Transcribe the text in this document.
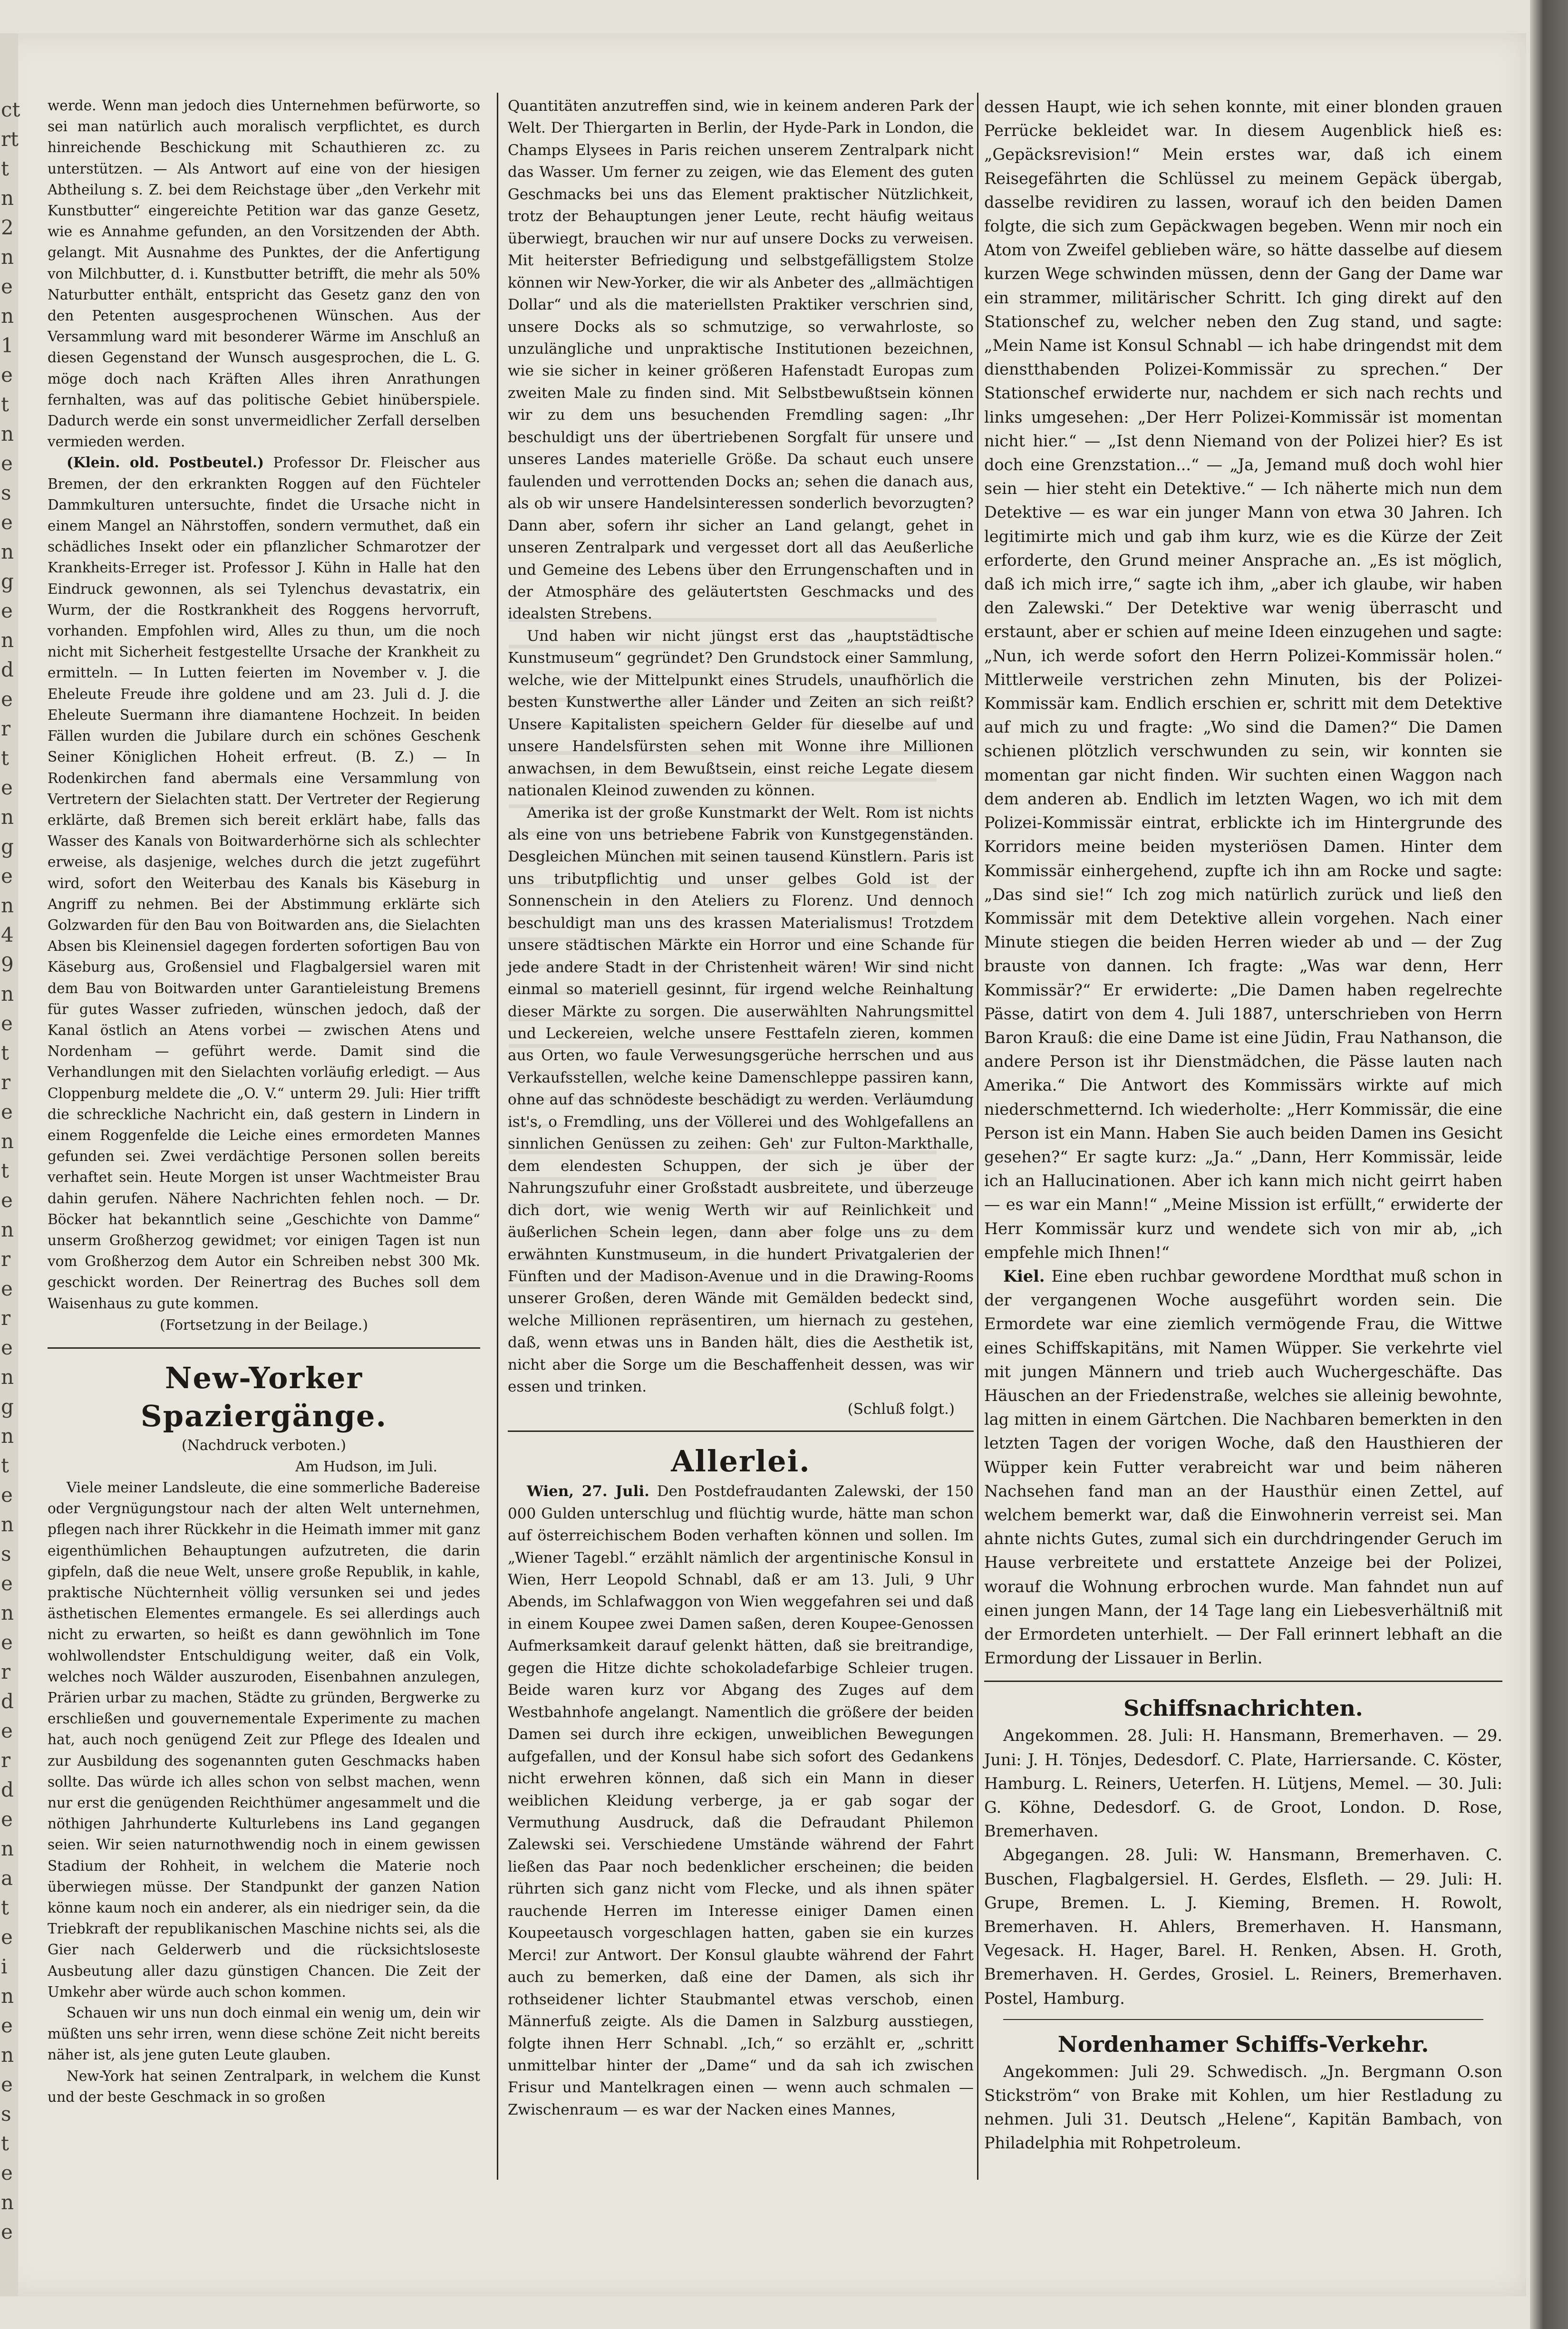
ct
rt
t
n
2
n
e
n
1
e
t
n
e
s
e
n
g
e
n
d
e
r
t
e
n
g
e
n
4
9
n
e
t
r
e
n
t
e
n
r
e
r
e
n
g
n
t
e
n
s
e
n
e
r
d
e
r
d
e
n
a
t
e
i
n
e
n
e
s
t
e
n
e

werde. Wenn man jedoch dies Unternehmen befürworte, so sei man natürlich auch moralisch verpflichtet, es durch hinreichende Beschickung mit Schauthieren zc. zu unterstützen. — Als Antwort auf eine von der hiesigen Abtheilung s. Z. bei dem Reichstage über „den Verkehr mit Kunstbutter“ eingereichte Petition war das ganze Gesetz, wie es Annahme gefunden, an den Vorsitzenden der Abth. gelangt. Mit Ausnahme des Punktes, der die Anfertigung von Milchbutter, d. i. Kunstbutter betrifft, die mehr als 50% Naturbutter enthält, entspricht das Gesetz ganz den von den Petenten ausgesprochenen Wünschen. Aus der Versammlung ward mit besonderer Wärme im Anschluß an diesen Gegenstand der Wunsch ausgesprochen, die L. G. möge doch nach Kräften Alles ihren Anrathungen fernhalten, was auf das politische Gebiet hinüberspiele. Dadurch werde ein sonst unvermeidlicher Zerfall derselben vermieden werden.

(Klein. old. Postbeutel.) Professor Dr. Fleischer aus Bremen, der den erkrankten Roggen auf den Füchteler Dammkulturen untersuchte, findet die Ursache nicht in einem Mangel an Nährstoffen, sondern vermuthet, daß ein schädliches Insekt oder ein pflanzlicher Schmarotzer der Krankheits-Erreger ist. Professor J. Kühn in Halle hat den Eindruck gewonnen, als sei Tylenchus devastatrix, ein Wurm, der die Rostkrankheit des Roggens hervorruft, vorhanden. Empfohlen wird, Alles zu thun, um die noch nicht mit Sicherheit festgestellte Ursache der Krankheit zu ermitteln. — In Lutten feierten im November v. J. die Eheleute Freude ihre goldene und am 23. Juli d. J. die Eheleute Suermann ihre diamantene Hochzeit. In beiden Fällen wurden die Jubilare durch ein schönes Geschenk Seiner Königlichen Hoheit erfreut. (B. Z.) — In Rodenkirchen fand abermals eine Versammlung von Vertretern der Sielachten statt. Der Vertreter der Regierung erklärte, daß Bremen sich bereit erklärt habe, falls das Wasser des Kanals von Boitwarderhörne sich als schlechter erweise, als dasjenige, welches durch die jetzt zugeführt wird, sofort den Weiterbau des Kanals bis Käseburg in Angriff zu nehmen. Bei der Abstimmung erklärte sich Golzwarden für den Bau von Boitwarden ans, die Sielachten Absen bis Kleinensiel dagegen forderten sofortigen Bau von Käseburg aus, Großensiel und Flagbalgersiel waren mit dem Bau von Boitwarden unter Garantieleistung Bremens für gutes Wasser zufrieden, wünschen jedoch, daß der Kanal östlich an Atens vorbei — zwischen Atens und Nordenham — geführt werde. Damit sind die Verhandlungen mit den Sielachten vorläufig erledigt. — Aus Cloppenburg meldete die „O. V.“ unterm 29. Juli: Hier trifft die schreckliche Nachricht ein, daß gestern in Lindern in einem Roggenfelde die Leiche eines ermordeten Mannes gefunden sei. Zwei verdächtige Personen sollen bereits verhaftet sein. Heute Morgen ist unser Wachtmeister Brau dahin gerufen. Nähere Nachrichten fehlen noch. — Dr. Böcker hat bekanntlich seine „Geschichte von Damme“ unserm Großherzog gewidmet; vor einigen Tagen ist nun vom Großherzog dem Autor ein Schreiben nebst 300 Mk. geschickt worden. Der Reinertrag des Buches soll dem Waisenhaus zu gute kommen.

(Fortsetzung in der Beilage.)
New-Yorker Spaziergänge.
(Nachdruck verboten.)
Am Hudson, im Juli.

Viele meiner Landsleute, die eine sommerliche Badereise oder Vergnügungstour nach der alten Welt unternehmen, pflegen nach ihrer Rückkehr in die Heimath immer mit ganz eigenthümlichen Behauptungen aufzutreten, die darin gipfeln, daß die neue Welt, unsere große Republik, in kahle, praktische Nüchternheit völlig versunken sei und jedes ästhetischen Elementes ermangele. Es sei allerdings auch nicht zu erwarten, so heißt es dann gewöhnlich im Tone wohlwollendster Entschuldigung weiter, daß ein Volk, welches noch Wälder auszuroden, Eisenbahnen anzulegen, Prärien urbar zu machen, Städte zu gründen, Bergwerke zu erschließen und gouvernementale Experimente zu machen hat, auch noch genügend Zeit zur Pflege des Idealen und zur Ausbildung des sogenannten guten Geschmacks haben sollte. Das würde ich alles schon von selbst machen, wenn nur erst die genügenden Reichthümer angesammelt und die nöthigen Jahrhunderte Kulturlebens ins Land gegangen seien. Wir seien naturnothwendig noch in einem gewissen Stadium der Rohheit, in welchem die Materie noch überwiegen müsse. Der Standpunkt der ganzen Nation könne kaum noch ein anderer, als ein niedriger sein, da die Triebkraft der republikanischen Maschine nichts sei, als die Gier nach Gelderwerb und die rücksichtsloseste Ausbeutung aller dazu günstigen Chancen. Die Zeit der Umkehr aber würde auch schon kommen.

Schauen wir uns nun doch einmal ein wenig um, dein wir müßten uns sehr irren, wenn diese schöne Zeit nicht bereits näher ist, als jene guten Leute glauben.

New-York hat seinen Zentralpark, in welchem die Kunst und der beste Geschmack in so großen

Quantitäten anzutreffen sind, wie in keinem anderen Park der Welt. Der Thiergarten in Berlin, der Hyde-Park in London, die Champs Elysees in Paris reichen unserem Zentralpark nicht das Wasser. Um ferner zu zeigen, wie das Element des guten Geschmacks bei uns das Element praktischer Nützlichkeit, trotz der Behauptungen jener Leute, recht häufig weitaus überwiegt, brauchen wir nur auf unsere Docks zu verweisen. Mit heiterster Befriedigung und selbstgefälligstem Stolze können wir New-Yorker, die wir als Anbeter des „allmächtigen Dollar“ und als die materiellsten Praktiker verschrien sind, unsere Docks als so schmutzige, so verwahrloste, so unzulängliche und unpraktische Institutionen bezeichnen, wie sie sicher in keiner größeren Hafenstadt Europas zum zweiten Male zu finden sind. Mit Selbstbewußtsein können wir zu dem uns besuchenden Fremdling sagen: „Ihr beschuldigt uns der übertriebenen Sorgfalt für unsere und unseres Landes materielle Größe. Da schaut euch unsere faulenden und verrottenden Docks an; sehen die danach aus, als ob wir unsere Handelsinteressen sonderlich bevorzugten? Dann aber, sofern ihr sicher an Land gelangt, gehet in unseren Zentralpark und vergesset dort all das Aeußerliche und Gemeine des Lebens über den Errungenschaften und in der Atmosphäre des geläutertsten Geschmacks und des idealsten Strebens.

Und haben wir nicht jüngst erst das „hauptstädtische Kunstmuseum“ gegründet? Den Grundstock einer Sammlung, welche, wie der Mittelpunkt eines Strudels, unaufhörlich die besten Kunstwerthe aller Länder und Zeiten an sich reißt? Unsere Kapitalisten speichern Gelder für dieselbe auf und unsere Handelsfürsten sehen mit Wonne ihre Millionen anwachsen, in dem Bewußtsein, einst reiche Legate diesem nationalen Kleinod zuwenden zu können.

Amerika ist der große Kunstmarkt der Welt. Rom ist nichts als eine von uns betriebene Fabrik von Kunstgegenständen. Desgleichen München mit seinen tausend Künstlern. Paris ist uns tributpflichtig und unser gelbes Gold ist der Sonnenschein in den Ateliers zu Florenz. Und dennoch beschuldigt man uns des krassen Materialismus! Trotzdem unsere städtischen Märkte ein Horror und eine Schande für jede andere Stadt in der Christenheit wären! Wir sind nicht einmal so materiell gesinnt, für irgend welche Reinhaltung dieser Märkte zu sorgen. Die auserwählten Nahrungsmittel und Leckereien, welche unsere Festtafeln zieren, kommen aus Orten, wo faule Verwesungsgerüche herrschen und aus Verkaufsstellen, welche keine Damenschleppe passiren kann, ohne auf das schnödeste beschädigt zu werden. Verläumdung ist's, o Fremdling, uns der Völlerei und des Wohlgefallens an sinnlichen Genüssen zu zeihen: Geh' zur Fulton-Markthalle, dem elendesten Schuppen, der sich je über der Nahrungszufuhr einer Großstadt ausbreitete, und überzeuge dich dort, wie wenig Werth wir auf Reinlichkeit und äußerlichen Schein legen, dann aber folge uns zu dem erwähnten Kunstmuseum, in die hundert Privatgalerien der Fünften und der Madison-Avenue und in die Drawing-Rooms unserer Großen, deren Wände mit Gemälden bedeckt sind, welche Millionen repräsentiren, um hiernach zu gestehen, daß, wenn etwas uns in Banden hält, dies die Aesthetik ist, nicht aber die Sorge um die Beschaffenheit dessen, was wir essen und trinken.

(Schluß folgt.)
Allerlei.

Wien, 27. Juli. Den Postdefraudanten Zalewski, der 150 000 Gulden unterschlug und flüchtig wurde, hätte man schon auf österreichischem Boden verhaften können und sollen. Im „Wiener Tagebl.“ erzählt nämlich der argentinische Konsul in Wien, Herr Leopold Schnabl, daß er am 13. Juli, 9 Uhr Abends, im Schlafwaggon von Wien weggefahren sei und daß in einem Koupee zwei Damen saßen, deren Koupee-Genossen Aufmerksamkeit darauf gelenkt hätten, daß sie breitrandige, gegen die Hitze dichte schokoladefarbige Schleier trugen. Beide waren kurz vor Abgang des Zuges auf dem Westbahnhofe angelangt. Namentlich die größere der beiden Damen sei durch ihre eckigen, unweiblichen Bewegungen aufgefallen, und der Konsul habe sich sofort des Gedankens nicht erwehren können, daß sich ein Mann in dieser weiblichen Kleidung verberge, ja er gab sogar der Vermuthung Ausdruck, daß die Defraudant Philemon Zalewski sei. Verschiedene Umstände während der Fahrt ließen das Paar noch bedenklicher erscheinen; die beiden rührten sich ganz nicht vom Flecke, und als ihnen später rauchende Herren im Interesse einiger Damen einen Koupeetausch vorgeschlagen hatten, gaben sie ein kurzes Merci! zur Antwort. Der Konsul glaubte während der Fahrt auch zu bemerken, daß eine der Damen, als sich ihr rothseidener lichter Staubmantel etwas verschob, einen Männerfuß zeigte. Als die Damen in Salzburg ausstiegen, folgte ihnen Herr Schnabl. „Ich,“ so erzählt er, „schritt unmittelbar hinter der „Dame“ und da sah ich zwischen Frisur und Mantelkragen einen — wenn auch schmalen — Zwischenraum — es war der Nacken eines Mannes,

dessen Haupt, wie ich sehen konnte, mit einer blonden grauen Perrücke bekleidet war. In diesem Augenblick hieß es: „Gepäcksrevision!“ Mein erstes war, daß ich einem Reisegefährten die Schlüssel zu meinem Gepäck übergab, dasselbe revidiren zu lassen, worauf ich den beiden Damen folgte, die sich zum Gepäckwagen begeben. Wenn mir noch ein Atom von Zweifel geblieben wäre, so hätte dasselbe auf diesem kurzen Wege schwinden müssen, denn der Gang der Dame war ein strammer, militärischer Schritt. Ich ging direkt auf den Stationschef zu, welcher neben den Zug stand, und sagte: „Mein Name ist Konsul Schnabl — ich habe dringendst mit dem dienstthabenden Polizei-Kommissär zu sprechen.“ Der Stationschef erwiderte nur, nachdem er sich nach rechts und links umgesehen: „Der Herr Polizei-Kommissär ist momentan nicht hier.“ — „Ist denn Niemand von der Polizei hier? Es ist doch eine Grenzstation...“ — „Ja, Jemand muß doch wohl hier sein — hier steht ein Detektive.“ — Ich näherte mich nun dem Detektive — es war ein junger Mann von etwa 30 Jahren. Ich legitimirte mich und gab ihm kurz, wie es die Kürze der Zeit erforderte, den Grund meiner Ansprache an. „Es ist möglich, daß ich mich irre,“ sagte ich ihm, „aber ich glaube, wir haben den Zalewski.“ Der Detektive war wenig überrascht und erstaunt, aber er schien auf meine Ideen einzugehen und sagte: „Nun, ich werde sofort den Herrn Polizei-Kommissär holen.“ Mittlerweile verstrichen zehn Minuten, bis der Polizei-Kommissär kam. Endlich erschien er, schritt mit dem Detektive auf mich zu und fragte: „Wo sind die Damen?“ Die Damen schienen plötzlich verschwunden zu sein, wir konnten sie momentan gar nicht finden. Wir suchten einen Waggon nach dem anderen ab. Endlich im letzten Wagen, wo ich mit dem Polizei-Kommissär eintrat, erblickte ich im Hintergrunde des Korridors meine beiden mysteriösen Damen. Hinter dem Kommissär einhergehend, zupfte ich ihn am Rocke und sagte: „Das sind sie!“ Ich zog mich natürlich zurück und ließ den Kommissär mit dem Detektive allein vorgehen. Nach einer Minute stiegen die beiden Herren wieder ab und — der Zug brauste von dannen. Ich fragte: „Was war denn, Herr Kommissär?“ Er erwiderte: „Die Damen haben regelrechte Pässe, datirt von dem 4. Juli 1887, unterschrieben von Herrn Baron Krauß: die eine Dame ist eine Jüdin, Frau Nathanson, die andere Person ist ihr Dienstmädchen, die Pässe lauten nach Amerika.“ Die Antwort des Kommissärs wirkte auf mich niederschmetternd. Ich wiederholte: „Herr Kommissär, die eine Person ist ein Mann. Haben Sie auch beiden Damen ins Gesicht gesehen?“ Er sagte kurz: „Ja.“ „Dann, Herr Kommissär, leide ich an Hallucinationen. Aber ich kann mich nicht geirrt haben — es war ein Mann!“ „Meine Mission ist erfüllt,“ erwiderte der Herr Kommissär kurz und wendete sich von mir ab, „ich empfehle mich Ihnen!“

Kiel. Eine eben ruchbar gewordene Mordthat muß schon in der vergangenen Woche ausgeführt worden sein. Die Ermordete war eine ziemlich vermögende Frau, die Wittwe eines Schiffskapitäns, mit Namen Wüpper. Sie verkehrte viel mit jungen Männern und trieb auch Wuchergeschäfte. Das Häuschen an der Friedenstraße, welches sie alleinig bewohnte, lag mitten in einem Gärtchen. Die Nachbaren bemerkten in den letzten Tagen der vorigen Woche, daß den Hausthieren der Wüpper kein Futter verabreicht war und beim näheren Nachsehen fand man an der Hausthür einen Zettel, auf welchem bemerkt war, daß die Einwohnerin verreist sei. Man ahnte nichts Gutes, zumal sich ein durchdringender Geruch im Hause verbreitete und erstattete Anzeige bei der Polizei, worauf die Wohnung erbrochen wurde. Man fahndet nun auf einen jungen Mann, der 14 Tage lang ein Liebesverhältniß mit der Ermordeten unterhielt. — Der Fall erinnert lebhaft an die Ermordung der Lissauer in Berlin.

Schiffsnachrichten.

Angekommen. 28. Juli: H. Hansmann, Bremerhaven. — 29. Juni: J. H. Tönjes, Dedesdorf. C. Plate, Harriersande. C. Köster, Hamburg. L. Reiners, Ueterfen. H. Lütjens, Memel. — 30. Juli: G. Köhne, Dedesdorf. G. de Groot, London. D. Rose, Bremerhaven.

Abgegangen. 28. Juli: W. Hansmann, Bremerhaven. C. Buschen, Flagbalgersiel. H. Gerdes, Elsfleth. — 29. Juli: H. Grupe, Bremen. L. J. Kieming, Bremen. H. Rowolt, Bremerhaven. H. Ahlers, Bremerhaven. H. Hansmann, Vegesack. H. Hager, Barel. H. Renken, Absen. H. Groth, Bremerhaven. H. Gerdes, Grosiel. L. Reiners, Bremerhaven. Postel, Hamburg.

Nordenhamer Schiffs-Verkehr.

Angekommen: Juli 29. Schwedisch. „Jn. Bergmann O.son Stickström“ von Brake mit Kohlen, um hier Restladung zu nehmen. Juli 31. Deutsch „Helene“, Kapitän Bambach, von Philadelphia mit Rohpetroleum.
